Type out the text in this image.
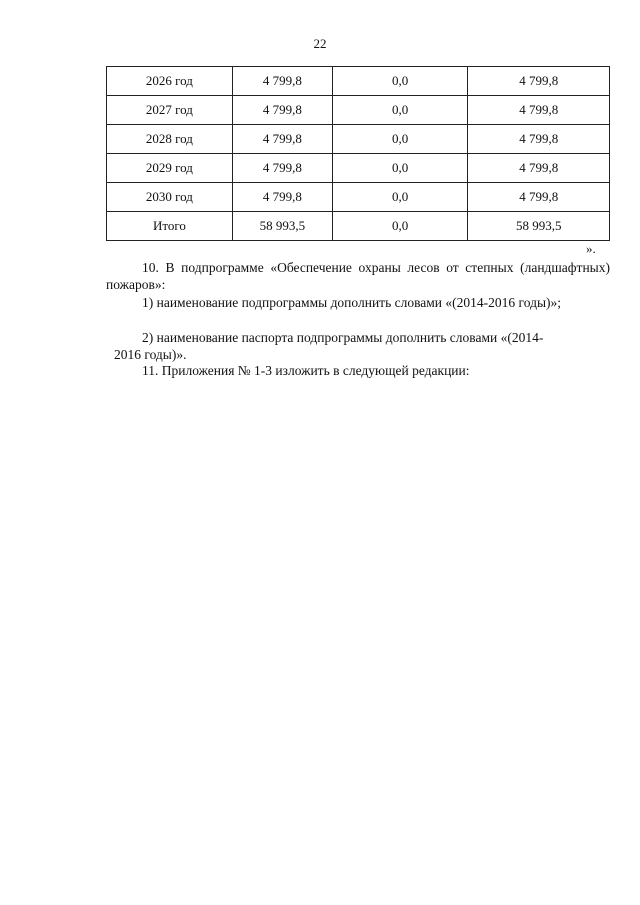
22
2026 год	4 799,8	0,0	4 799,8
2027 год	4 799,8	0,0	4 799,8
2028 год	4 799,8	0,0	4 799,8
2029 год	4 799,8	0,0	4 799,8
2030 год	4 799,8	0,0	4 799,8
Итого	58 993,5	0,0	58 993,5
».
10. В подпрограмме «Обеспечение охраны лесов от степных (ландшафтных) пожаров»:
1) наименование подпрограммы дополнить словами «(2014-2016 годы)»;
2) наименование паспорта подпрограммы дополнить словами «(2014-
2016 годы)».
11. Приложения № 1-3 изложить в следующей редакции:
